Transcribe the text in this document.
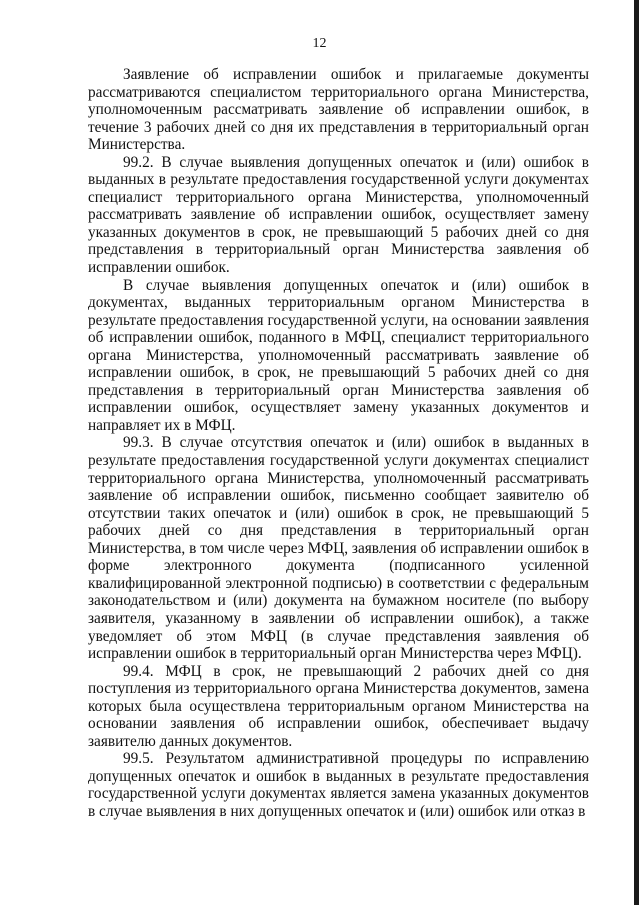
12

Заявление об исправлении ошибок и прилагаемые документы рассматриваются специалистом территориального органа Министерства, уполномоченным рассматривать заявление об исправлении ошибок, в течение 3 рабочих дней со дня их представления в территориальный орган Министерства.

99.2. В случае выявления допущенных опечаток и (или) ошибок в выданных в результате предоставления государственной услуги документах специалист территориального органа Министерства, уполномоченный рассматривать заявление об исправлении ошибок, осуществляет замену указанных документов в срок, не превышающий 5 рабочих дней со дня представления в территориальный орган Министерства заявления об исправлении ошибок.

В случае выявления допущенных опечаток и (или) ошибок в документах, выданных территориальным органом Министерства в результате предоставления государственной услуги, на основании заявления об исправлении ошибок, поданного в МФЦ, специалист территориального органа Министерства, уполномоченный рассматривать заявление об исправлении ошибок, в срок, не превышающий 5 рабочих дней со дня представления в территориальный орган Министерства заявления об исправлении ошибок, осуществляет замену указанных документов и направляет их в МФЦ.

99.3. В случае отсутствия опечаток и (или) ошибок в выданных в результате предоставления государственной услуги документах специалист территориального органа Министерства, уполномоченный рассматривать заявление об исправлении ошибок, письменно сообщает заявителю об отсутствии таких опечаток и (или) ошибок в срок, не превышающий 5 рабочих дней со дня представления в территориальный орган Министерства, в том числе через МФЦ, заявления об исправлении ошибок в форме электронного документа (подписанного усиленной квалифицированной электронной подписью) в соответствии с федеральным законодательством и (или) документа на бумажном носителе (по выбору заявителя, указанному в заявлении об исправлении ошибок), а также уведомляет об этом МФЦ (в случае представления заявления об исправлении ошибок в территориальный орган Министерства через МФЦ).

99.4. МФЦ в срок, не превышающий 2 рабочих дней со дня поступления из территориального органа Министерства документов, замена которых была осуществлена территориальным органом Министерства на основании заявления об исправлении ошибок, обеспечивает выдачу заявителю данных документов.

99.5. Результатом административной процедуры по исправлению допущенных опечаток и ошибок в выданных в результате предоставления государственной услуги документах является замена указанных документов в случае выявления в них допущенных опечаток и (или) ошибок или отказ в
